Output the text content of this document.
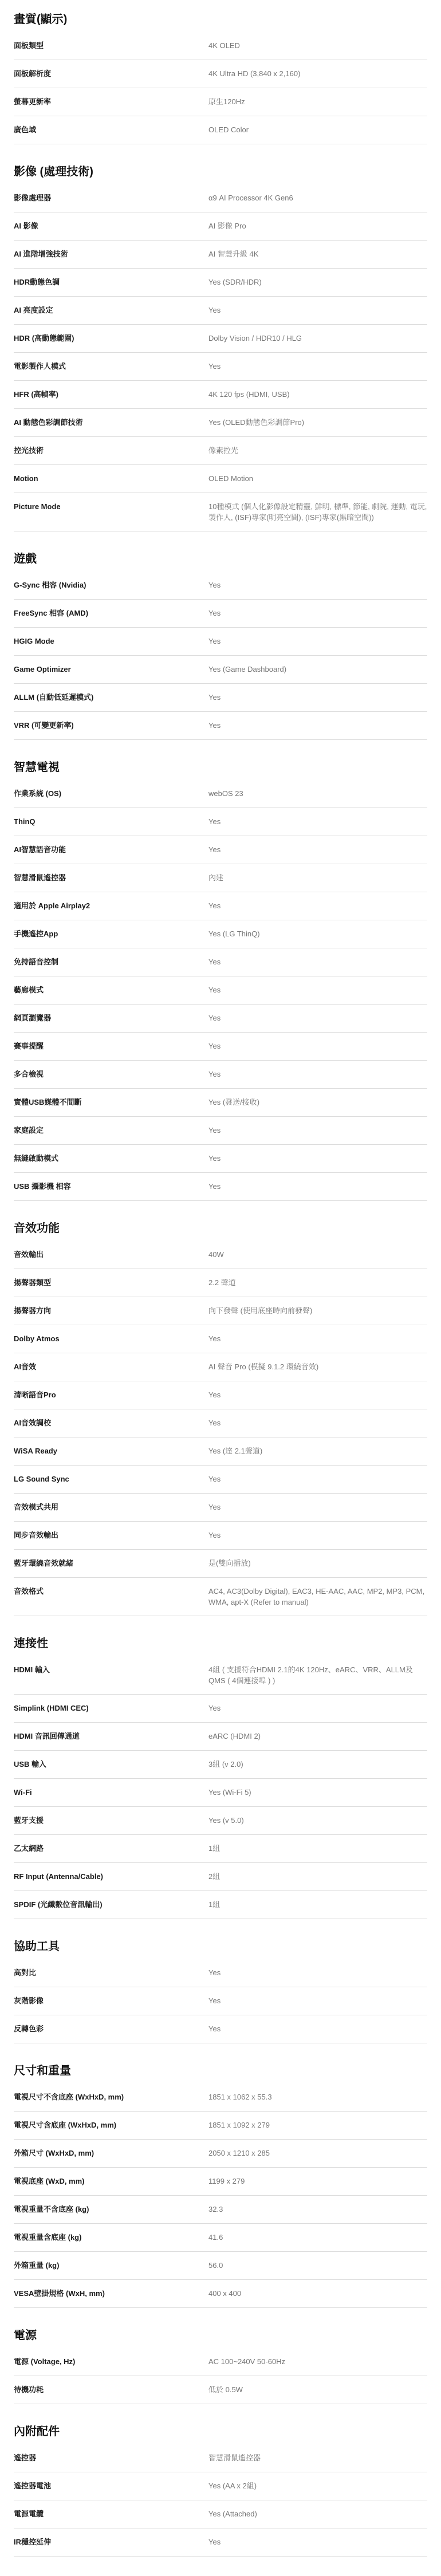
畫質(顯示)
面板類型	4K OLED
面板解析度	4K Ultra HD (3,840 x 2,160)
螢幕更新率	原生120Hz
廣色域	OLED Color
影像 (處理技術)
影像處理器	α9 AI Processor 4K Gen6
AI 影像	AI 影像 Pro
AI 進階增強技術	AI 智慧升級 4K
HDR動態色調	Yes (SDR/HDR)
AI 亮度設定	Yes
HDR (高動態範圍)	Dolby Vision / HDR10 / HLG
電影製作人模式	Yes
HFR (高幀率)	4K 120 fps (HDMI, USB)
AI 動態色彩調節技術	Yes (OLED動態色彩調節Pro)
控光技術	像素控光
Motion	OLED Motion
Picture Mode	10種模式 (個人化影像設定精靈, 鮮明, 標準, 節能, 劇院, 運動, 電玩, 製作人, (ISF)專家(明亮空間), (ISF)專家(黑暗空間))
遊戲
G-Sync 相容 (Nvidia)	Yes
FreeSync 相容 (AMD)	Yes
HGIG Mode	Yes
Game Optimizer	Yes (Game Dashboard)
ALLM (自動低延遲模式)	Yes
VRR (可變更新率)	Yes
智慧電視
作業系統 (OS)	webOS 23
ThinQ	Yes
AI智慧語音功能	Yes
智慧滑鼠遙控器	內建
適用於 Apple Airplay2	Yes
手機遙控App	Yes (LG ThinQ)
免持語音控制	Yes
藝廊模式	Yes
網頁瀏覽器	Yes
賽事提醒	Yes
多合檢視	Yes
實體USB媒體不間斷	Yes (發送/接收)
家庭設定	Yes
無縫啟動模式	Yes
USB 攝影機 相容	Yes
音效功能
音效輸出	40W
揚聲器類型	2.2 聲道
揚聲器方向	向下發聲 (使用底座時向前發聲)
Dolby Atmos	Yes
AI音效	AI 聲音 Pro (模擬 9.1.2 環繞音效)
清晰語音Pro	Yes
AI音效調校	Yes
WiSA Ready	Yes (達 2.1聲道)
LG Sound Sync	Yes
音效模式共用	Yes
同步音效輸出	Yes
藍牙環繞音效就緒	是(雙向播放)
音效格式	AC4, AC3(Dolby Digital), EAC3, HE-AAC, AAC, MP2, MP3, PCM, WMA, apt-X (Refer to manual)
連接性
HDMI 輸入	4組 ( 支援符合HDMI 2.1的4K 120Hz、eARC、VRR、ALLM及QMS ( 4個連接埠 ) )
Simplink (HDMI CEC)	Yes
HDMI 音訊回傳通道	eARC (HDMI 2)
USB 輸入	3組 (v 2.0)
Wi-Fi	Yes (Wi-Fi 5)
藍牙支援	Yes (v 5.0)
乙太網路	1組
RF Input (Antenna/Cable)	2組
SPDIF (光纖數位音訊輸出)	1組
協助工具
高對比	Yes
灰階影像	Yes
反轉色彩	Yes
尺寸和重量
電視尺寸不含底座 (WxHxD, mm)	1851 x 1062 x 55.3
電視尺寸含底座 (WxHxD, mm)	1851 x 1092 x 279
外箱尺寸 (WxHxD, mm)	2050 x 1210 x 285
電視底座 (WxD, mm)	1199 x 279
電視重量不含底座 (kg)	32.3
電視重量含底座 (kg)	41.6
外箱重量 (kg)	56.0
VESA壁掛規格 (WxH, mm)	400 x 400
電源
電源 (Voltage, Hz)	AC 100~240V 50-60Hz
待機功耗	低於 0.5W
內附配件
遙控器	智慧滑鼠遙控器
遙控器電池	Yes (AA x 2組)
電源電纜	Yes (Attached)
IR穩控延伸	Yes
